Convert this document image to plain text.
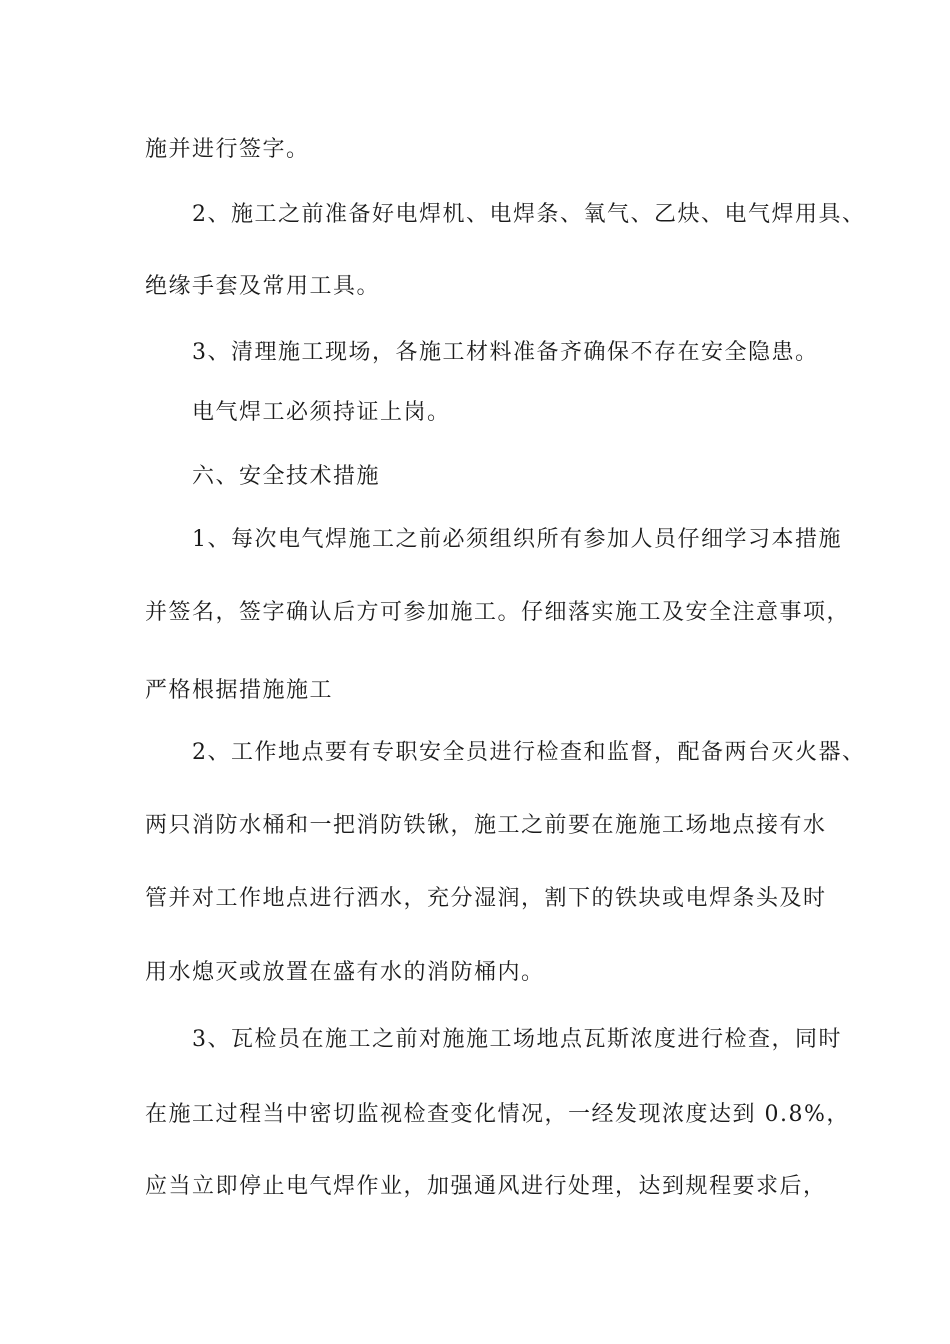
施并进行签字。
2、施工之前准备好电焊机、电焊条、氧气、乙炔、电气焊用具、
绝缘手套及常用工具。
3、清理施工现场，各施工材料准备齐确保不存在安全隐患。
电气焊工必须持证上岗。
六、安全技术措施
1、每次电气焊施工之前必须组织所有参加人员仔细学习本措施
并签名，签字确认后方可参加施工。仔细落实施工及安全注意事项，
严格根据措施施工
2、工作地点要有专职安全员进行检查和监督，配备两台灭火器、
两只消防水桶和一把消防铁锹，施工之前要在施施工场地点接有水
管并对工作地点进行洒水，充分湿润，割下的铁块或电焊条头及时
用水熄灭或放置在盛有水的消防桶内。
3、瓦检员在施工之前对施施工场地点瓦斯浓度进行检查，同时
在施工过程当中密切监视检查变化情况，一经发现浓度达到 0.8%，
应当立即停止电气焊作业，加强通风进行处理，达到规程要求后，
